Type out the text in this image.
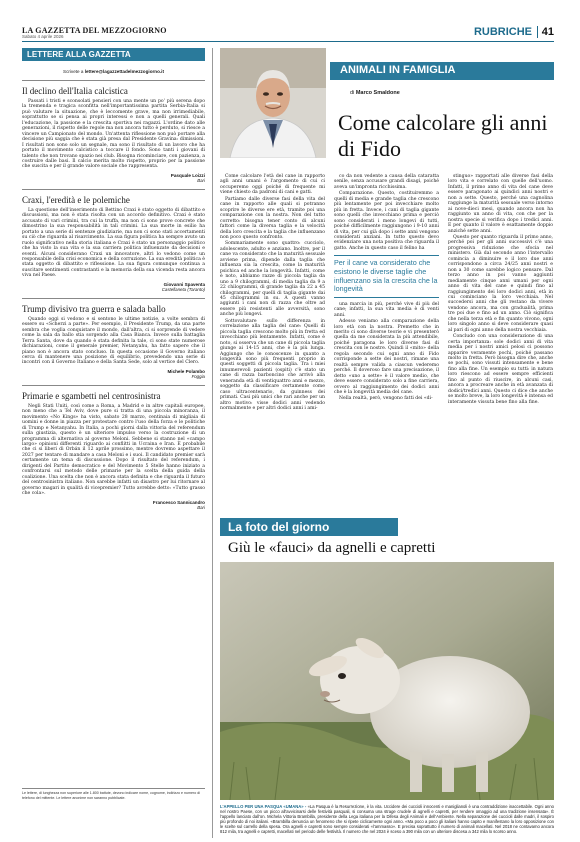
LA GAZZETTA DEL MEZZOGIORNO
Sabato 4 aprile 2026	RUBRICHE 41
LETTERE ALLA GAZZETTA
Scrivete a lettere@lagazzettadelmezzogiorno.it
Il declino dell'Italia calcistica

Passati i tristi e sconsolati pensieri con una mente un po' più serena dopo la tremenda e tragica sconfitta nell'importantissima partita Serbia-Italia si può valutare la situazione, che è leccomente grave, ma non irrimediabile, soprattutto se si pensa ai propri interessi e non a quelli generali. Quali l'educazione, la passione e la crescita sportiva nei ragazzi. L'ordine dato alle generazioni, il rispetto delle regole ma non ancora tutto è perduto, si riesce a vincere un Campionato del mondo. Un'attenta riflessione non può portare alla decisione più saggia che è stata già presa dal Presidente Gravina: dimissioni. I risultati non sono solo un segnale, ma sono il risultato di un lavoro che ha portato il movimento calcistico a toccare il fondo. Sono tanti i giovani di talento che non trovano spazio nei club. Bisogna ricominciare, con pazienza, a costruire dalle basi. Il calcio merita molto rispetto, proprio per la passione che suscita e per il grande valore sociale che rappresenta.

Pasquale Loizzi
Bari
Craxi, l'eredità e le polemiche

La questione dell'inserimento di Bettino Craxi è stato oggetto di dibattito e discussioni, ma non è stata risolta con un accordo definitivo. Craxi è stato accusato di vari crimini, tra cui la truffa, ma non ci sono prove concrete che dimostrino la sua responsabilità in tali crimini. La sua morte in esilio ha portato a una serie di sentenze giudiziarie, ma non ci sono stati accertamenti su ciò che riguarda al risarcimento. La sua figura politica ha sempre avuto un ruolo significativo nella storia italiana e Craxi è stato un personaggio politico che ha visto la sua vita e la sua carriera politica influenzate da decisioni e eventi. Alcuni considerano Craxi un innovatore, altri lo vedono come un responsabile della crisi economica e della corruzione. La sua eredità politica è stata oggetto di dibattito e riflessione. La sua figura comunque continua a suscitare sentimenti contrastanti e la memoria della sua vicenda resta ancora viva nel Paese.

Giovanni Spaventa
Castellaneta (Taranto)
Trump divisivo tra guerra e salada ballo

Quando oggi si vedono e si sentono le ultime notizie, a volte sembra di essere su «Scherzi a parte». Per esempio, il Presidente Trump, da una parte sembra che voglia conquistare il mondo, dall'altra, ci si sorprende di vedere come la sala da ballo stia sorgendo alla Casa Bianca. Invece sulla battaglia Terra Santa, dove da quando è stata definita la tale, ci sono state numerose dichiarazioni, come il generale premier, Netanyahu, ha fatto sapere che il piano non è ancora stato concluso. In questa occasione il Governo italiano cerca di mantenere una posizione di equilibrio, prevedendo una serie di incontri con il Governo Italiano e della Santa Sede, solo al vertice del Clero.

Michele Polambo
Foggia
Primarie e sgambetti nel centrosinistra

Negli Stati Uniti, così come a Roma, a Madrid e in altre capitali europee, non meno che a Tel Aviv, dove pure si tratta di una piccola minoranza, il movimento «No Kings» ha visto, sabato 28 marzo, centinaia di migliaia di uomini e donne in piazza per protestare contro l'uso della forza e le politiche di Trump e Netanyahu. In Italia, a pochi giorni dalla vittoria del referendum sulla giustizia, questo è un ulteriore impulso verso la costruzione di un programma di alternativa al governo Meloni. Sebbene si stanno nel «campo largo» opinioni differenti riguardo ai conflitti in Ucraina e Iran. È probabile che ci si liberi di Orbán il 12 aprile prossimo, mentre dovremo aspettare il 2027 per tentare di mandare a casa Meloni e i suoi. Il candidato premier sarà certamente un tema di discussione. Dopo il risultato del referendum, i dirigenti del Partito democratico e del Movimento 5 Stelle hanno iniziato a confrontarsi sul metodo delle primarie per la scelta della guida della coalizione. Una scelta che non è ancora stata definita e che riguarda il futuro del centrosinistra italiano. Non sarebbe infatti un disastro per lui ritornare al governo magari in qualità di vicepremier? Tutto avrebbe detto: «Tutto grasso che cola».

Francesco Sannicandro
Bari
Le lettere, di lunghezza non superiore alle 1.800 battute, devono indicare nome, cognome, indirizzo e numero di telefono del mittente. Le lettere anonime non saranno pubblicate.
ANIMALI IN FAMIGLIA
di Marco Smaldone
Come calcolare gli anni di Fido

Come calcolare l'età del cane in rapporto agli anni umani è l'argomento di cui ci occuperemo oggi poiché di frequente mi viene chiesto da padroni di cani e gatti.

Partiamo dalle diverse fasi della vita del cane in rapporto alle quali si potranno scoprire le diverse ere età, tramite poi una comparazione con la nostra. Non del tutto corretto: bisogna tener conto di alcuni fattori come la diversa taglia e la velocità della loro crescita e la taglia che influenzano non poco questo confronto.

Sommariamente sono quattro: cucciolo, adolescente, adulto e anziano. Inoltre, per il cane va considerato che la maturità sessuale avviene prima, dipende dalla taglia che influenza sia la crescita, come la maturità psichica ed anche la longevità. Infatti, come è noto, abbiamo razze di piccola taglia da uno a 9 chilogrammi, di media taglia da 9 a 22 chilogrammi, di grande taglia da 22 a 45 chilogrammi, per quelli di taglia gigante dai 45 chilogrammi in su. A questi vanno aggiunti i cani non di razza che oltre ad essere più resistenti alle avversità, sono anche più longevi.

Sottovalutare sullo differenza in correlazione alla taglia del cane: Quelli di piccola taglia crescono molto più in fretta ed invecchiano più lentamente. Infatti, come è noto, si osserva che un cane di piccola taglia giunge ai 14-15 anni, che è la più lunga. Aggiungo che le conoscenze in quanto a longevità sono più frequenti proprio in questi soggetti di piccola taglia. Tra i miei innumerevoli pazienti (ospiti) c'è stato un cane di razza barboncino che arrivò alla veneranda età di ventiquattro anni e mezzo, soggetto da classificare certamente come caso ultracentenario, da guinness dei primati. Casi più unici che rari anche per un altro motivo: visse dodici anni vedendo normalmente e per altri dodici anni i ami-

co da non vedente a causa della cataratta senile, senza accusare grandi disagi, poiché aveva un'impronta ricchissima.

Comparazione. Questo, costituiremmo a quelli di media e grande taglia che crescono più lentamente per poi invecchiare molto più in fretta. Invece, i cani di taglia gigante sono quelli che invecchiano prima e perciò sono considerati i meno longevi di tutti, poiché difficilmente raggiungono i 9-10 anni di vita, per cui già dopo i sette anni vengono considerati anziani. In tutto questo devo evidenziare una nota positiva che riguarda il gatto. Anche in questo caso il felino ha

Per il cane va considerato che esistono le diverse taglie che influenzano sia la crescita che la longevità

una marcia in più, perché vive di più del cane; infatti, la sua vita media è di venti anni.

Adesso veniamo alla comparazione della loro età con la nostra. Premetto che in merito ci sono diverse teorie e vi presenterò quella da me considerata la più attendibile, poiché paragona le loro diverse fasi di crescita con le nostre. Quindi il «mito» della regola secondo cui ogni anno di Fido corrisponde a sette dei nostri, rimane una realtà sempre valida a ciascun vederemo perché. Il doveroso fare una precisazione, il detto «uno a sette» è il valore medio, che deve essere considerato solo a fine carriera, ovvero al raggiungimento dei dodici anni che è la longevità media del cane.

Nella realtà, però, vengono fatti dei «di-

stinguo» rapportati alle diverse fasi della loro vita e correlato con quelle dell'uomo. Infatti, il primo anno di vita del cane deve essere paragonato ai quindici anni nostri e non a sette. Questo, perché una cagnolina raggiunge la maturità sessuale verso intorno ai nove-dieci mesi, quando ancora non ha raggiunto un anno di vita, con che per la nostra specie si verifica dopo i tredici anni. E per quanto il valore è esattamente doppio anziché sette anni.

Questo per quanto riguarda il primo anno, perché poi per gli anni successivi c'è una progressiva riduzione che sfocia nel ministero. Già dal secondo anno l'intervallo comincia a diminuire e il loro due anni corrispondono a circa 24/25 anni nostri e non a 30 come sarebbe logico pensare. Dal terzo anno in poi vanno aggiunti mediamente cinque anni umani per ogni anno di vita del cane e quindi fino al raggiungimento dei loro dodici anni, età in cui cominciano la loro vecchiaia. Nel succedersi anni che gli restano da vivere vendono ancora, ma con gradualità, prima tre poi due e fino ad un anno. Ciò significa che nella terza età e fin quanto vivono, ogni loro singolo anno si deve considerare quasi al pari di ogni anno della nostra vecchiaia.

Concludo con una considerazione di una certa importanza: sole dodici anni di vita media per i nostri amici pelosi ci possono apparire veramente pochi, poiché passano molto in fretta. Però bisogna dire che, anche se pochi, sono vissuti intensamente e bene fino alla fine. Un esempio su tutti: in natura loro riescono ad essere sempre efficienti fino al punto di riuscire, in alcuni casi, ancora a procreare anche in età avanzata di dodici/tredici anni. Questo ci dice che anche se molto breve, la loro longevità è intensa ed interamente vissuta bene fino alla fine.

La foto del giorno
Giù le «fauci» da agnelli e capretti
L'APPELLO PER UNA PASQUA «UMANA» - «La Pasqua è la Resurrezione, è la vita. Uccidere dei cuccioli innocenti e maniglianoli è una contraddizione inaccettabile. Ogni anno nel nostro Paese, con un picco all'avvicinarsi delle festività pasquali, si consuma una strage crudele di agnelli e capretti, per rendere omaggio ad una tradizione insensata». È l'appello lanciato dall'on. Michela Vittoria Brambilla, presidente della Lega italiana per la Difesa degli Animali e dell'Ambiente. Nella separazione dei cuccioli dalle madri, il sospiro più profondo di noi italiani. «Brambilla denuncia un fenomeno che si ripete ciclicamente ogni anno. «Ma poco a poco gli italiani hanno capito e manifestano la loro opposizione con le scelte sul carrello della spesa. Ora agnelli e capretti sono sempre considerati «l'ammasso». E precisa soprattutto il numero di animali macellati. Nel 2018 ne contavamo ancora 812 mila, tra agnelli e capretti, macellati nel periodo delle festività. Il numero che nel 2024 è sceso a 390 mila con un ulteriore discesa a 342 mila lo scorso anno.
